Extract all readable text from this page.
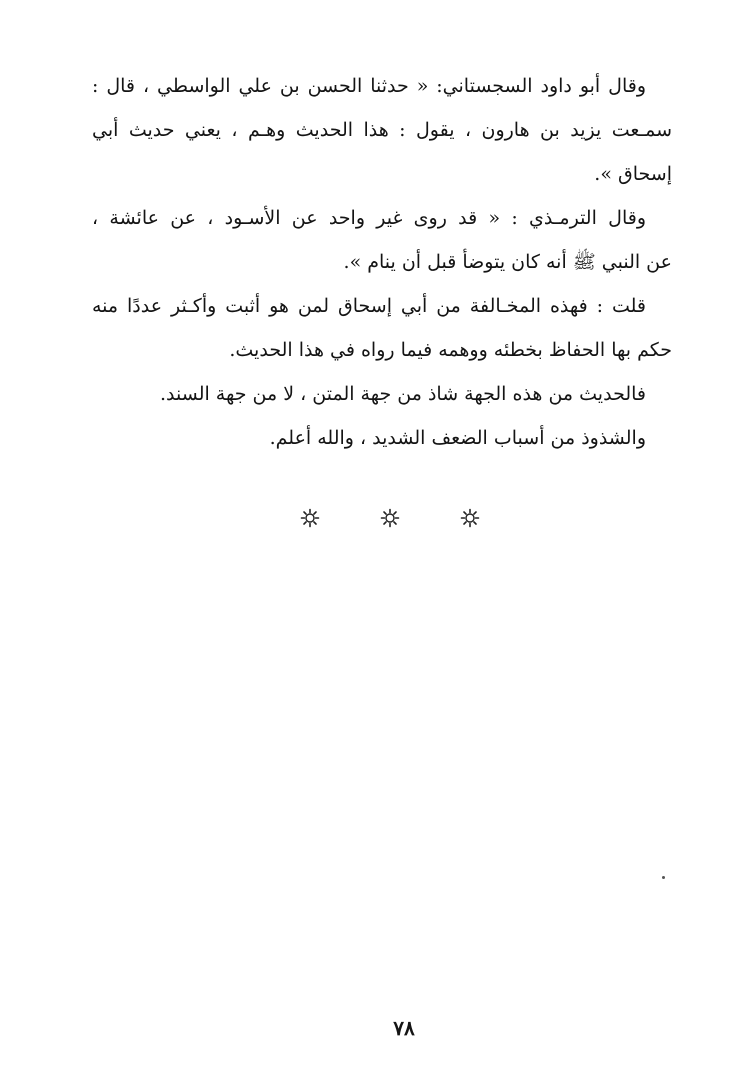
وقال أبو داود السجستاني: « حدثنا الحسن بن علي الواسطي ، قال :
سمـعت يزيد بن هارون ، يقول : هذا الحديث وهـم ، يعني حديث أبي
إسحاق ».
وقال الترمـذي : « قد روى غير واحد عن الأسـود ، عن عائشة ،
عن النبي ﷺ أنه كان يتوضأ قبل أن ينام ».
قلت : فهذه المخـالفة من أبي إسحاق لمن هو أثبت وأكـثر عددًا منه
حكم بها الحفاظ بخطئه ووهمه فيما رواه في هذا الحديث.
فالحديث من هذه الجهة شاذ من جهة المتن ، لا من جهة السند.
والشذوذ من أسباب الضعف الشديد ، والله أعلم.
٧٨
